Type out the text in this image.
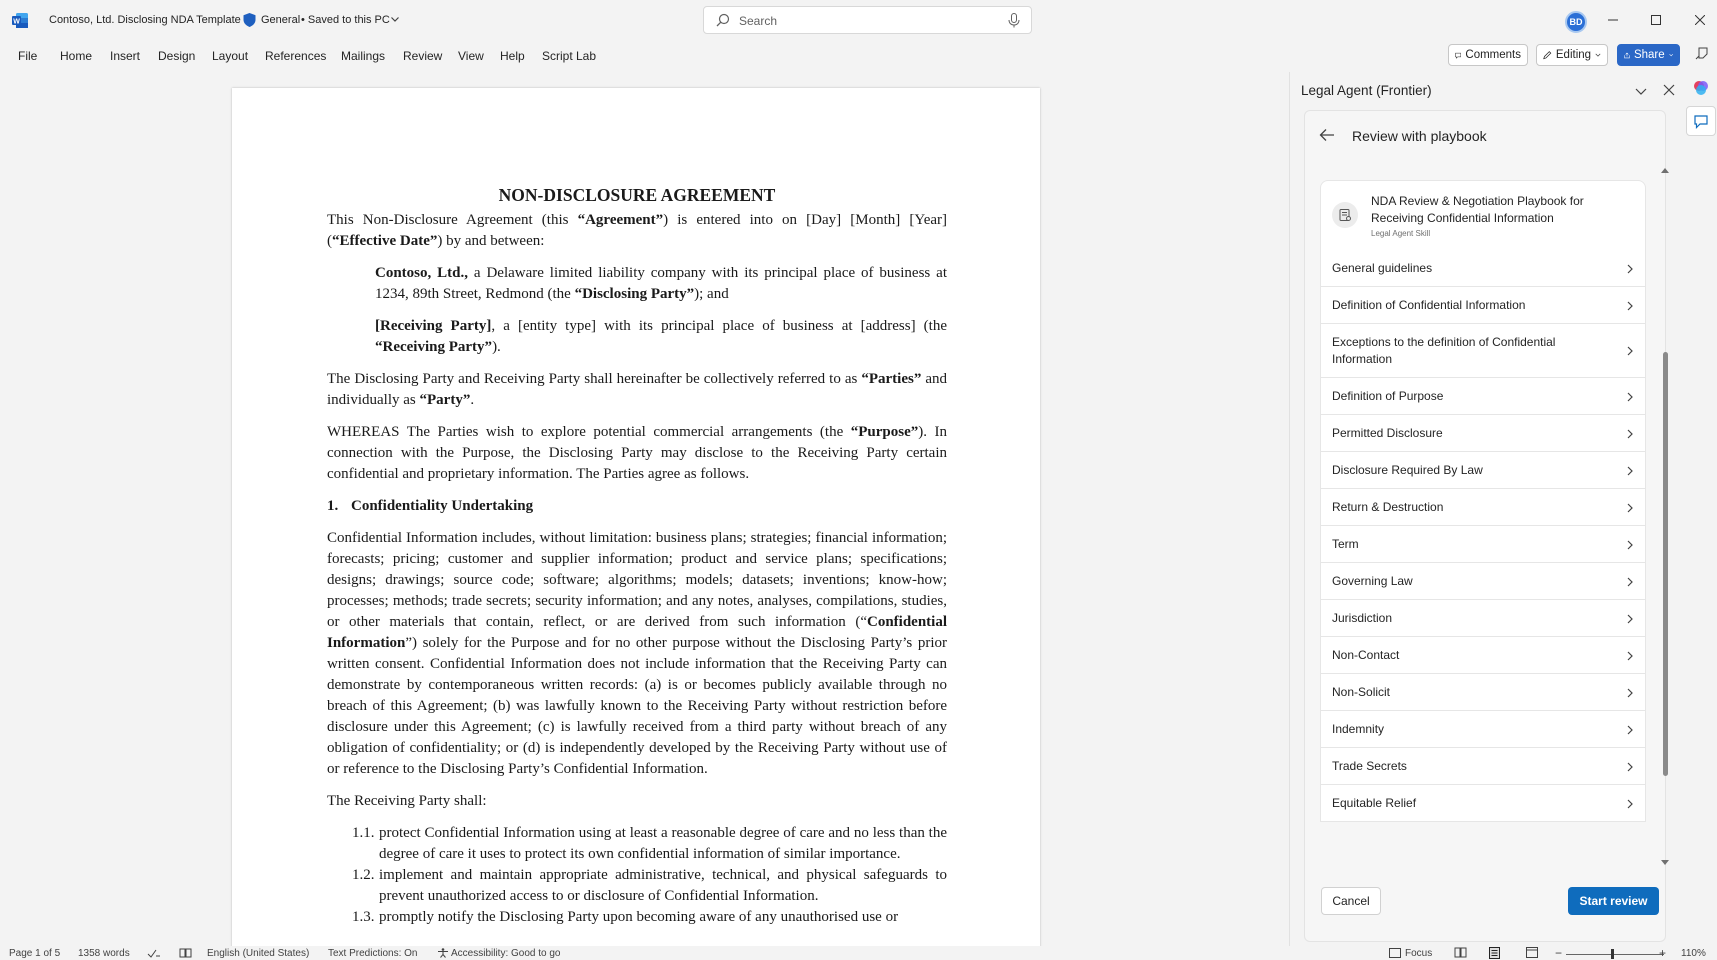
W	Contoso, Ltd. Disclosing NDA Template General • Saved to this PC
Search	BD
File Home Insert Design Layout References Mailings Review View Help Script Lab	Comments	Editing	Share
NON-DISCLOSURE AGREEMENT

This Non-Disclosure Agreement (this “Agreement”) is entered into on [Day] [Month] [Year] (“Effective Date”) by and between:

Contoso, Ltd., a Delaware limited liability company with its principal place of business at 1234, 89th Street, Redmond (the “Disclosing Party”); and

[Receiving Party], a [entity type] with its principal place of business at [address] (the “Receiving Party”).

The Disclosing Party and Receiving Party shall hereinafter be collectively referred to as “Parties” and individually as “Party”.

WHEREAS The Parties wish to explore potential commercial arrangements (the “Purpose”). In connection with the Purpose, the Disclosing Party may disclose to the Receiving Party certain confidential and proprietary information. The Parties agree as follows.

1. Confidentiality Undertaking

Confidential Information includes, without limitation: business plans; strategies; financial information; forecasts; pricing; customer and supplier information; product and service plans; specifications; designs; drawings; source code; software; algorithms; models; datasets; inventions; know-how; processes; methods; trade secrets; security information; and any notes, analyses, compilations, studies, or other materials that contain, reflect, or are derived from such information (“Confidential Information”) solely for the Purpose and for no other purpose without the Disclosing Party’s prior written consent. Confidential Information does not include information that the Receiving Party can demonstrate by contemporaneous written records: (a) is or becomes publicly available through no breach of this Agreement; (b) was lawfully known to the Receiving Party without restriction before disclosure under this Agreement; (c) is lawfully received from a third party without breach of any obligation of confidentiality; or (d) is independently developed by the Receiving Party without use of or reference to the Disclosing Party’s Confidential Information.

The Receiving Party shall:

1.1. protect Confidential Information using at least a reasonable degree of care and no less than the degree of care it uses to protect its own confidential information of similar importance.
1.2. implement and maintain appropriate administrative, technical, and physical safeguards to prevent unauthorized access to or disclosure of Confidential Information.
1.3. promptly notify the Disclosing Party upon becoming aware of any unauthorised use or
Legal Agent (Frontier)
Review with playbook
NDA Review & Negotiation Playbook for Receiving Confidential Information
Legal Agent Skill
General guidelines
Definition of Confidential Information
Exceptions to the definition of Confidential Information
Definition of Purpose
Permitted Disclosure
Disclosure Required By Law
Return & Destruction
Term
Governing Law
Jurisdiction
Non-Contact
Non-Solicit
Indemnity
Trade Secrets
Equitable Relief
Cancel	Start review
Page 1 of 5 1358 words	English (United States) Text Predictions: On	Accessibility: Good to go	Focus	−	+ 110%
